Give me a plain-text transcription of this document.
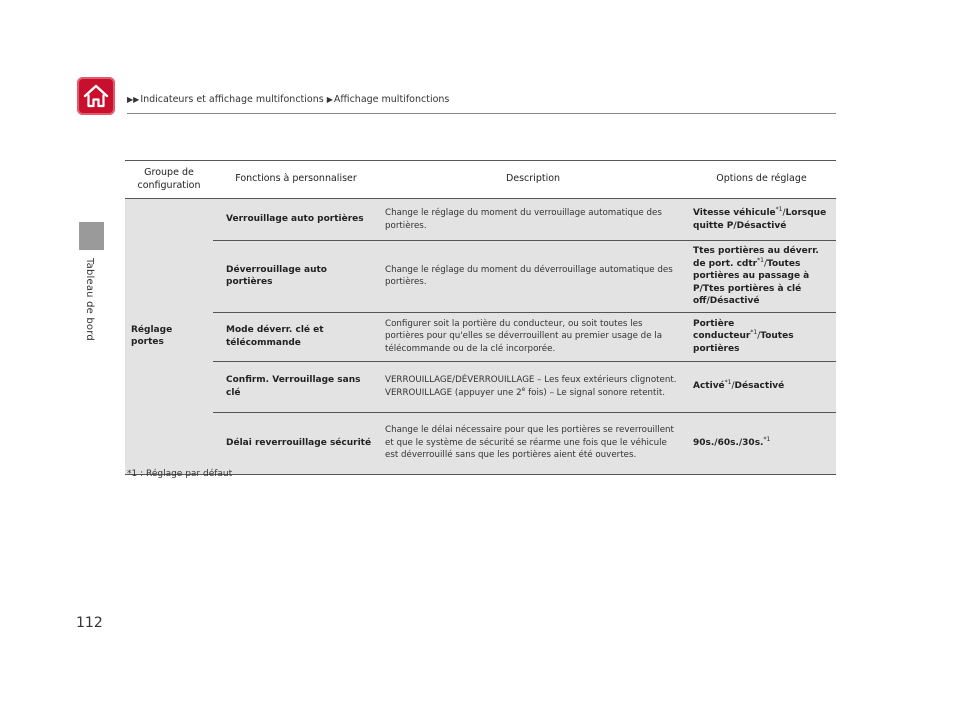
▶▶Indicateurs et affichage multifonctions ▶Affichage multifonctions
Tableau de bord
Groupe de configuration	Fonctions à personnaliser	Description	Options de réglage
Réglage portes	Verrouillage auto portières	Change le réglage du moment du verrouillage automatique des portières.	Vitesse véhicule$^{*1}$/Lorsque quitte P/Désactivé
	Déverrouillage auto portières	Change le réglage du moment du déverrouillage automatique des portières.	Ttes portières au déverr. de port. cdtr$^{*1}$/Toutes portières au passage à P/Ttes portières à clé off/Désactivé
	Mode déverr. clé et télécommande	Configurer soit la portière du conducteur, ou soit toutes les portières pour qu'elles se déverrouillent au premier usage de la télécommande ou de la clé incorporée.	Portière conducteur$^{*1}$/Toutes portières
	Confirm. Verrouillage sans clé	VERROUILLAGE/DÉVERROUILLAGE – Les feux extérieurs clignotent.
VERROUILLAGE (appuyer une 2e fois) – Le signal sonore retentit.	Activé$^{*1}$/Désactivé
	Délai reverrouillage sécurité	Change le délai nécessaire pour que les portières se reverrouillent et que le système de sécurité se réarme une fois que le véhicule est déverrouillé sans que les portières aient été ouvertes.	90s./60s./30s.$^{*1}$
*1 : Réglage par défaut
112
